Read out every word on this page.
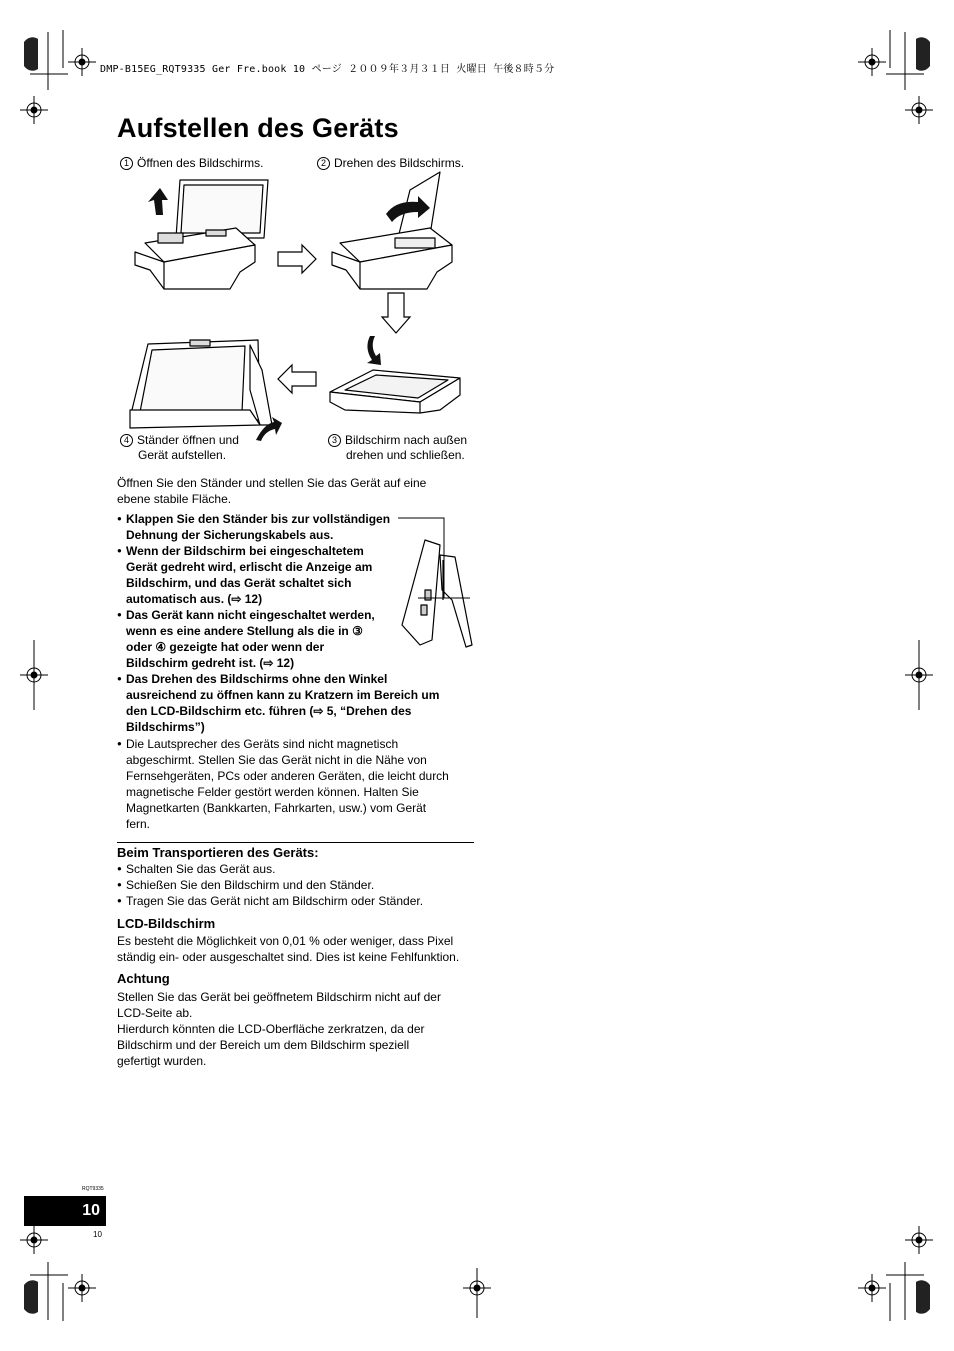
DMP-B15EG_RQT9335 Ger Fre.book 10 ページ ２００９年３月３１日 火曜日 午後８時５分
Aufstellen des Geräts
1 Öffnen des Bildschirms.	2 Drehen des Bildschirms.
4 Ständer öffnen und
Gerät aufstellen.
3 Bildschirm nach außen
drehen und schließen.
Öffnen Sie den Ständer und stellen Sie das Gerät auf eine
ebene stabile Fläche.
● Klappen Sie den Ständer bis zur vollständigen
Dehnung der Sicherungskabels aus.
● Wenn der Bildschirm bei eingeschaltetem
Gerät gedreht wird, erlischt die Anzeige am
Bildschirm, und das Gerät schaltet sich
automatisch aus. (⇨ 12)
● Das Gerät kann nicht eingeschaltet werden,
wenn es eine andere Stellung als die in ③
oder ④ gezeigte hat oder wenn der
Bildschirm gedreht ist. (⇨ 12)
● Das Drehen des Bildschirms ohne den Winkel
ausreichend zu öffnen kann zu Kratzern im Bereich um
den LCD-Bildschirm etc. führen (⇨ 5, “Drehen des
Bildschirms”)
● Die Lautsprecher des Geräts sind nicht magnetisch
abgeschirmt. Stellen Sie das Gerät nicht in die Nähe von
Fernsehgeräten, PCs oder anderen Geräten, die leicht durch
magnetische Felder gestört werden können. Halten Sie
Magnetkarten (Bankkarten, Fahrkarten, usw.) vom Gerät
fern.
Beim Transportieren des Geräts:
● Schalten Sie das Gerät aus.
● Schießen Sie den Bildschirm und den Ständer.
● Tragen Sie das Gerät nicht am Bildschirm oder Ständer.
LCD-Bildschirm
Es besteht die Möglichkeit von 0,01 % oder weniger, dass Pixel
ständig ein- oder ausgeschaltet sind. Dies ist keine Fehlfunktion.
Achtung
Stellen Sie das Gerät bei geöffnetem Bildschirm nicht auf der
LCD-Seite ab.
Hierdurch könnten die LCD-Oberfläche zerkratzen, da der
Bildschirm und der Bereich um dem Bildschirm speziell
gefertigt wurden.
RQT9335
10
10
